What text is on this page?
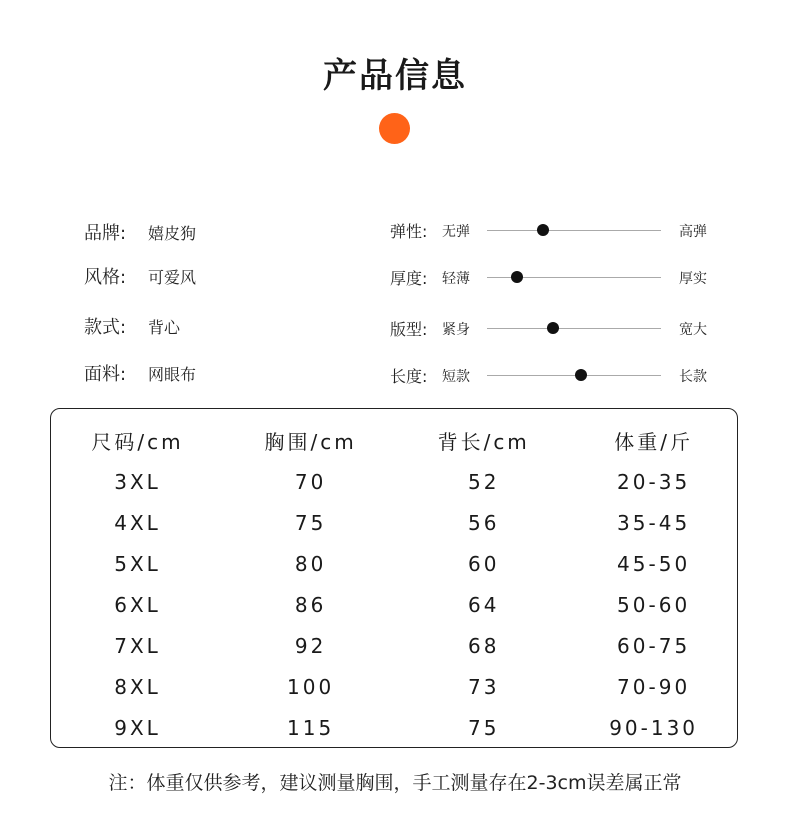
产品信息
品牌:	嬉皮狗
风格:	可爱风
款式:	背心
面料:	网眼布
弹性: 无弹	高弹
厚度: 轻薄	厚实
版型: 紧身	宽大
长度: 短款	长款
尺码/cm	胸围/cm	背长/cm	体重/斤
3XL	70	52	20-35
4XL	75	56	35-45
5XL	80	60	45-50
6XL	86	64	50-60
7XL	92	68	60-75
8XL	100	73	70-90
9XL	115	75	90-130
注：体重仅供参考，建议测量胸围，手工测量存在2-3cm误差属正常
